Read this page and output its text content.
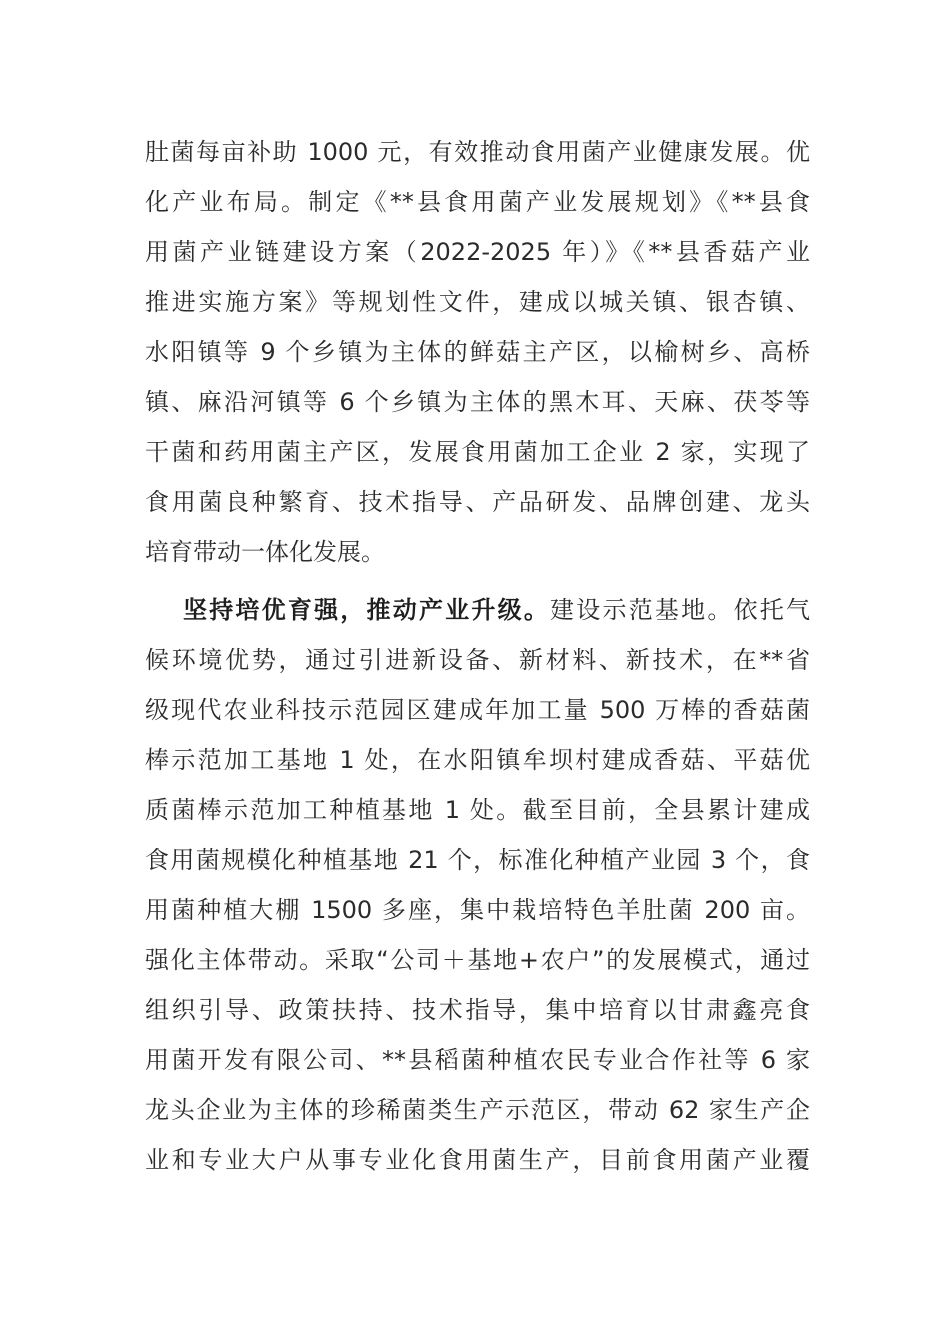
肚菌每亩补助 1000 元，有效推动食用菌产业健康发展。优
化产业布局。制定《**县食用菌产业发展规划》《**县食
用菌产业链建设方案（2022-2025 年）》《**县香菇产业
推进实施方案》等规划性文件，建成以城关镇、银杏镇、
水阳镇等 9 个乡镇为主体的鲜菇主产区，以榆树乡、高桥
镇、麻沿河镇等 6 个乡镇为主体的黑木耳、天麻、茯苓等
干菌和药用菌主产区，发展食用菌加工企业 2 家，实现了
食用菌良种繁育、技术指导、产品研发、品牌创建、龙头
培育带动一体化发展。
坚持培优育强，推动产业升级。建设示范基地。依托气
候环境优势，通过引进新设备、新材料、新技术，在**省
级现代农业科技示范园区建成年加工量 500 万棒的香菇菌
棒示范加工基地 1 处，在水阳镇牟坝村建成香菇、平菇优
质菌棒示范加工种植基地 1 处。截至目前，全县累计建成
食用菌规模化种植基地 21 个，标准化种植产业园 3 个，食
用菌种植大棚 1500 多座，集中栽培特色羊肚菌 200 亩。
强化主体带动。采取“公司＋基地+农户”的发展模式，通过
组织引导、政策扶持、技术指导，集中培育以甘肃鑫亮食
用菌开发有限公司、**县稻菌种植农民专业合作社等 6 家
龙头企业为主体的珍稀菌类生产示范区，带动 62 家生产企
业和专业大户从事专业化食用菌生产，目前食用菌产业覆
